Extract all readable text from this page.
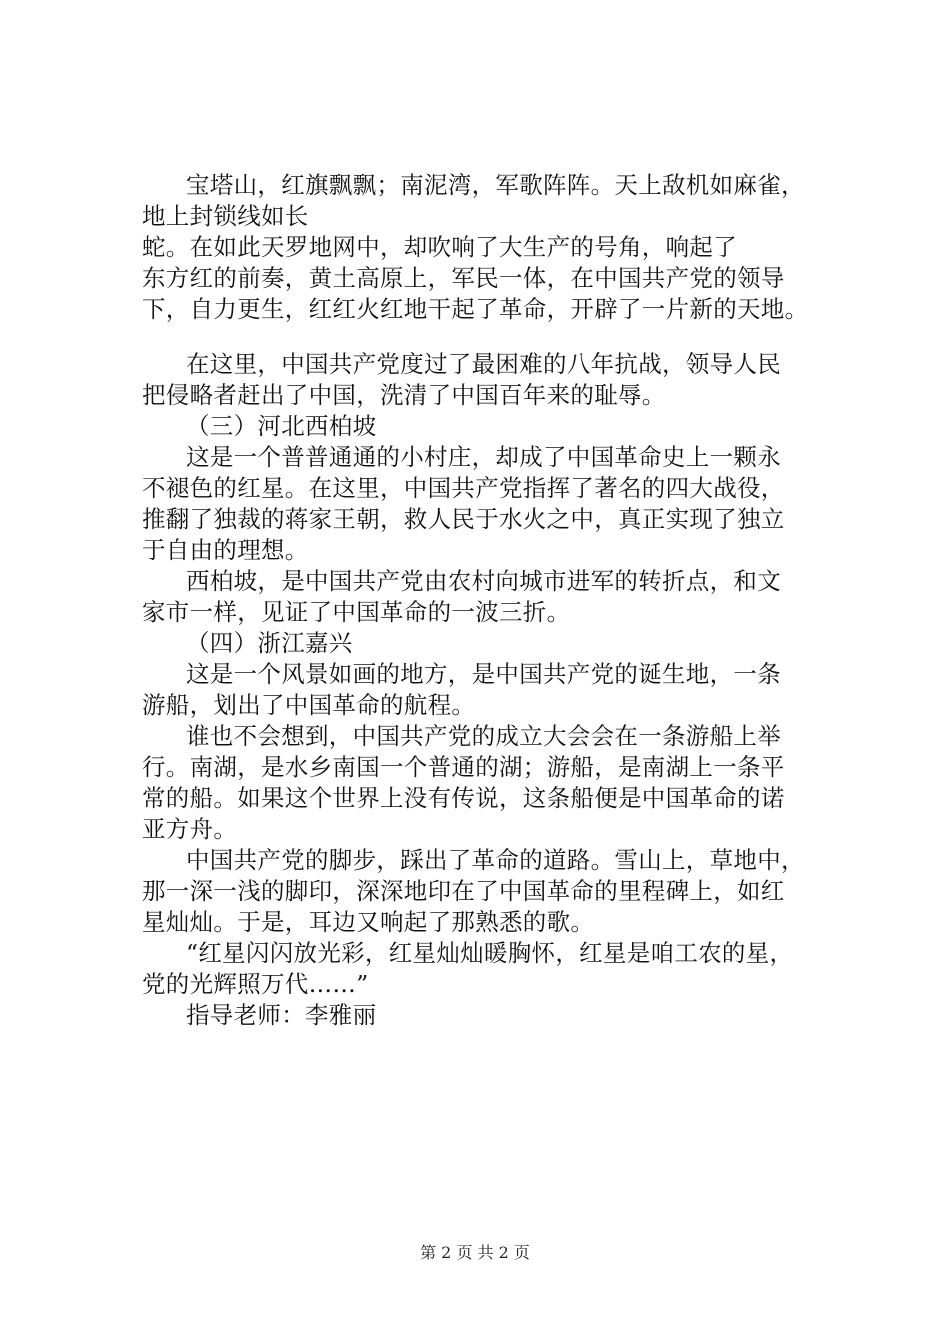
宝塔山，红旗飘飘；南泥湾，军歌阵阵。天上敌机如麻雀，
地上封锁线如长
蛇。在如此天罗地网中，却吹响了大生产的号角，响起了
东方红的前奏，黄土高原上，军民一体，在中国共产党的领导
下，自力更生，红红火红地干起了革命，开辟了一片新的天地。
在这里，中国共产党度过了最困难的八年抗战，领导人民
把侵略者赶出了中国，洗清了中国百年来的耻辱。
（三）河北西柏坡
这是一个普普通通的小村庄，却成了中国革命史上一颗永
不褪色的红星。在这里，中国共产党指挥了著名的四大战役，
推翻了独裁的蒋家王朝，救人民于水火之中，真正实现了独立
于自由的理想。
西柏坡，是中国共产党由农村向城市进军的转折点，和文
家市一样，见证了中国革命的一波三折。
（四）浙江嘉兴
这是一个风景如画的地方，是中国共产党的诞生地，一条
游船，划出了中国革命的航程。
谁也不会想到，中国共产党的成立大会会在一条游船上举
行。南湖，是水乡南国一个普通的湖；游船，是南湖上一条平
常的船。如果这个世界上没有传说，这条船便是中国革命的诺
亚方舟。
中国共产党的脚步，踩出了革命的道路。雪山上，草地中，
那一深一浅的脚印，深深地印在了中国革命的里程碑上，如红
星灿灿。于是，耳边又响起了那熟悉的歌。
“红星闪闪放光彩，红星灿灿暖胸怀，红星是咱工农的星，
党的光辉照万代……”
指导老师：李雅丽
第 2 页 共 2 页
